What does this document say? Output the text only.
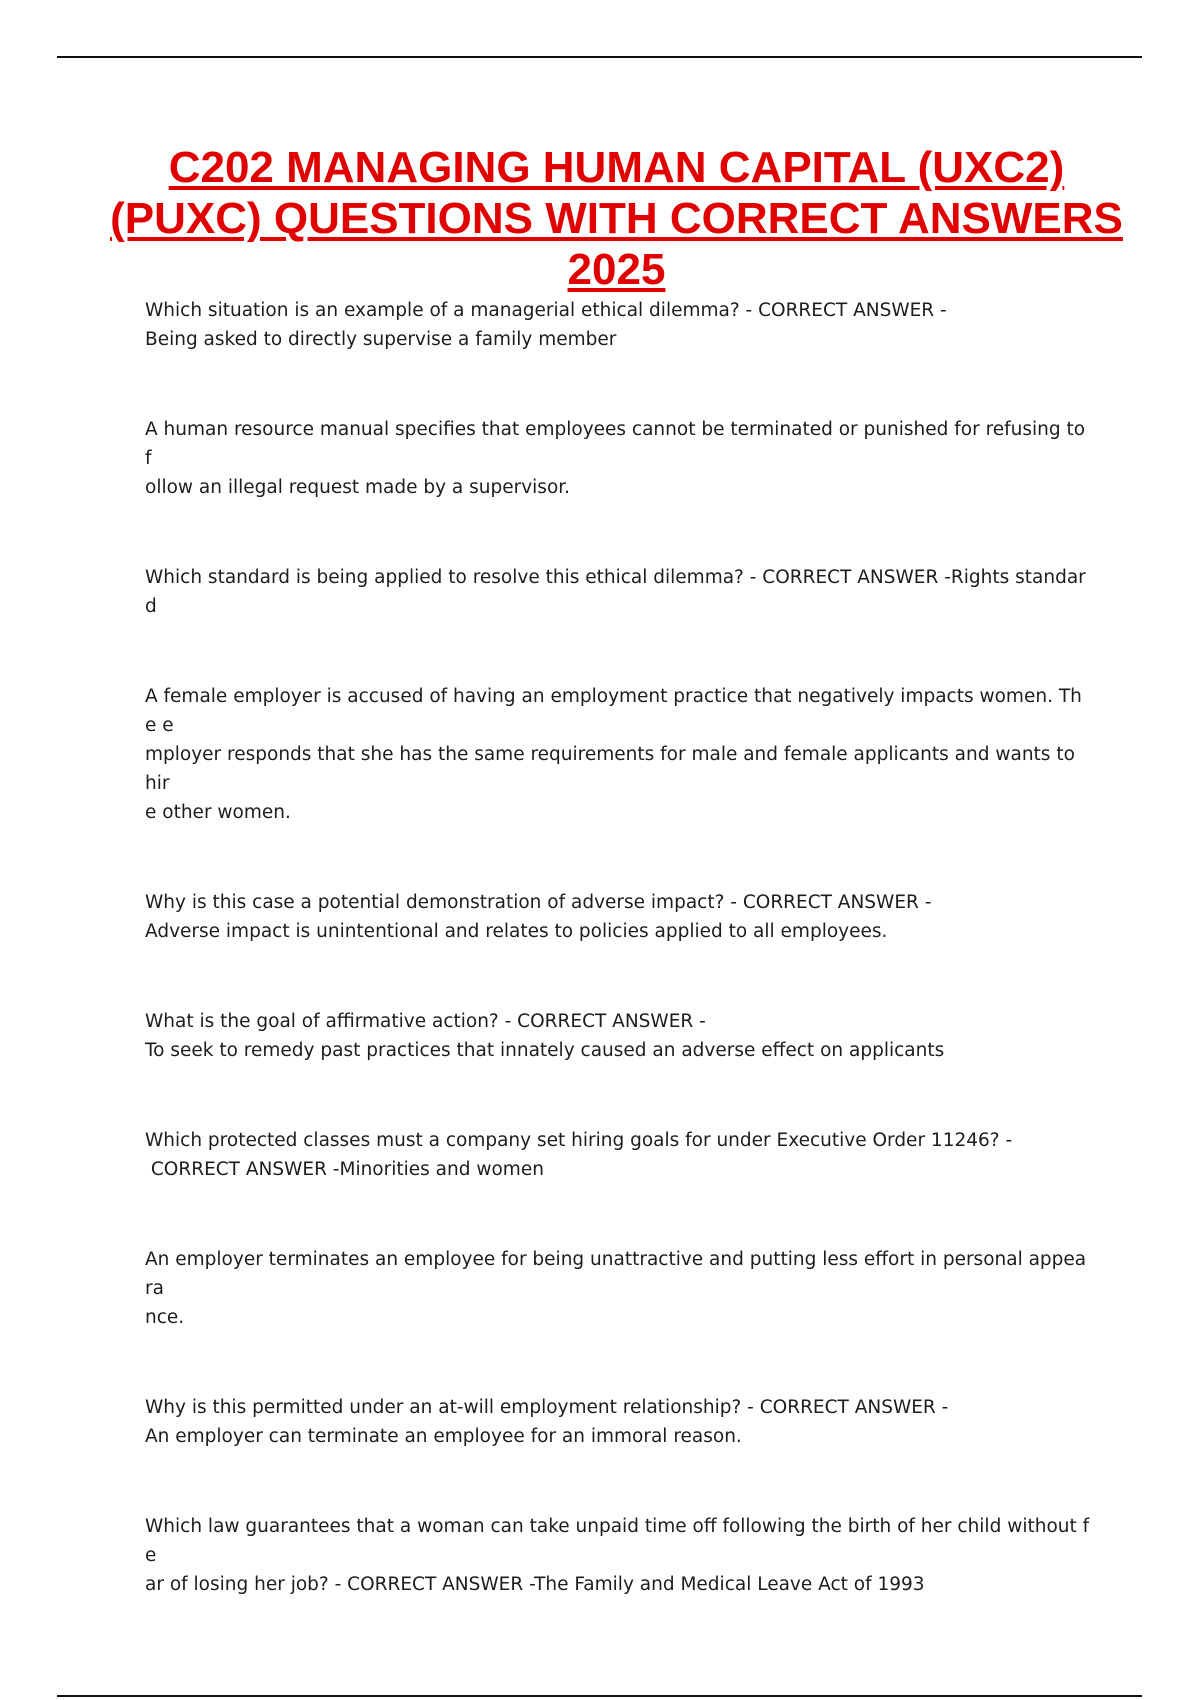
C202 MANAGING HUMAN CAPITAL (UXC2) (PUXC) QUESTIONS WITH CORRECT ANSWERS 2025

Which situation is an example of a managerial ethical dilemma? - CORRECT ANSWER -
Being asked to directly supervise a family member

A human resource manual specifies that employees cannot be terminated or punished for refusing to f
ollow an illegal request made by a supervisor.

Which standard is being applied to resolve this ethical dilemma? - CORRECT ANSWER -Rights standard

A female employer is accused of having an employment practice that negatively impacts women. The e
mployer responds that she has the same requirements for male and female applicants and wants to hir
e other women.

Why is this case a potential demonstration of adverse impact? - CORRECT ANSWER -
Adverse impact is unintentional and relates to policies applied to all employees.

What is the goal of affirmative action? - CORRECT ANSWER -
To seek to remedy past practices that innately caused an adverse effect on applicants

Which protected classes must a company set hiring goals for under Executive Order 11246? -
CORRECT ANSWER -Minorities and women

An employer terminates an employee for being unattractive and putting less effort in personal appeara
nce.

Why is this permitted under an at-will employment relationship? - CORRECT ANSWER -
An employer can terminate an employee for an immoral reason.

Which law guarantees that a woman can take unpaid time off following the birth of her child without fe
ar of losing her job? - CORRECT ANSWER -The Family and Medical Leave Act of 1993
